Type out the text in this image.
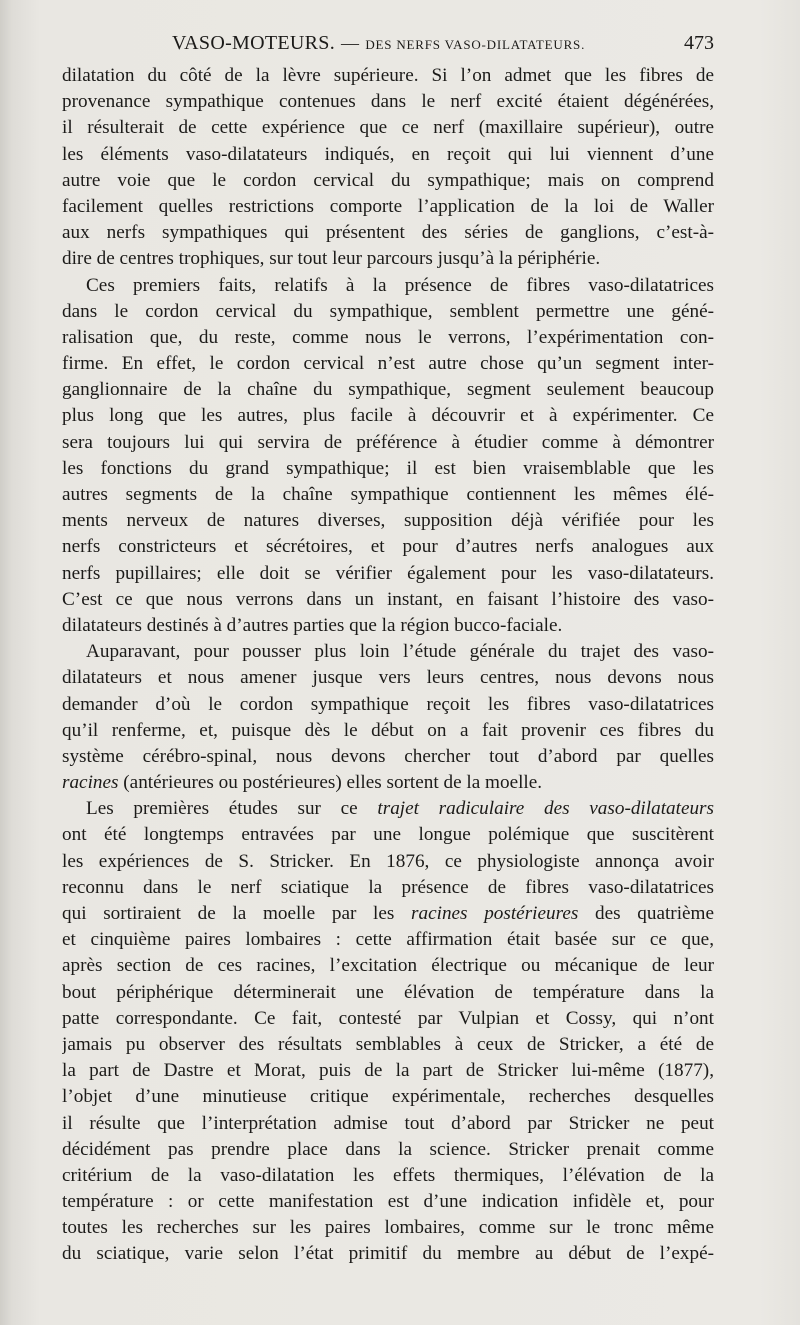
VASO-MOTEURS. — DES NERFS VASO-DILATATEURS.	473
dilatation du côté de la lèvre supérieure. Si l’on admet que les fibres de
provenance sympathique contenues dans le nerf excité étaient dégénérées,
il résulterait de cette expérience que ce nerf (maxillaire supérieur), outre
les éléments vaso-dilatateurs indiqués, en reçoit qui lui viennent d’une
autre voie que le cordon cervical du sympathique; mais on comprend
facilement quelles restrictions comporte l’application de la loi de Waller
aux nerfs sympathiques qui présentent des séries de ganglions, c’est-à-
dire de centres trophiques, sur tout leur parcours jusqu’à la périphérie.
Ces premiers faits, relatifs à la présence de fibres vaso-dilatatrices
dans le cordon cervical du sympathique, semblent permettre une géné-
ralisation que, du reste, comme nous le verrons, l’expérimentation con-
firme. En effet, le cordon cervical n’est autre chose qu’un segment inter-
ganglionnaire de la chaîne du sympathique, segment seulement beaucoup
plus long que les autres, plus facile à découvrir et à expérimenter. Ce
sera toujours lui qui servira de préférence à étudier comme à démontrer
les fonctions du grand sympathique; il est bien vraisemblable que les
autres segments de la chaîne sympathique contiennent les mêmes élé-
ments nerveux de natures diverses, supposition déjà vérifiée pour les
nerfs constricteurs et sécrétoires, et pour d’autres nerfs analogues aux
nerfs pupillaires; elle doit se vérifier également pour les vaso-dilatateurs.
C’est ce que nous verrons dans un instant, en faisant l’histoire des vaso-
dilatateurs destinés à d’autres parties que la région bucco-faciale.
Auparavant, pour pousser plus loin l’étude générale du trajet des vaso-
dilatateurs et nous amener jusque vers leurs centres, nous devons nous
demander d’où le cordon sympathique reçoit les fibres vaso-dilatatrices
qu’il renferme, et, puisque dès le début on a fait provenir ces fibres du
système cérébro-spinal, nous devons chercher tout d’abord par quelles
racines (antérieures ou postérieures) elles sortent de la moelle.
Les premières études sur ce trajet radiculaire des vaso-dilatateurs
ont été longtemps entravées par une longue polémique que suscitèrent
les expériences de S. Stricker. En 1876, ce physiologiste annonça avoir
reconnu dans le nerf sciatique la présence de fibres vaso-dilatatrices
qui sortiraient de la moelle par les racines postérieures des quatrième
et cinquième paires lombaires : cette affirmation était basée sur ce que,
après section de ces racines, l’excitation électrique ou mécanique de leur
bout périphérique déterminerait une élévation de température dans la
patte correspondante. Ce fait, contesté par Vulpian et Cossy, qui n’ont
jamais pu observer des résultats semblables à ceux de Stricker, a été de
la part de Dastre et Morat, puis de la part de Stricker lui-même (1877),
l’objet d’une minutieuse critique expérimentale, recherches desquelles
il résulte que l’interprétation admise tout d’abord par Stricker ne peut
décidément pas prendre place dans la science. Stricker prenait comme
critérium de la vaso-dilatation les effets thermiques, l’élévation de la
température : or cette manifestation est d’une indication infidèle et, pour
toutes les recherches sur les paires lombaires, comme sur le tronc même
du sciatique, varie selon l’état primitif du membre au début de l’expé-
